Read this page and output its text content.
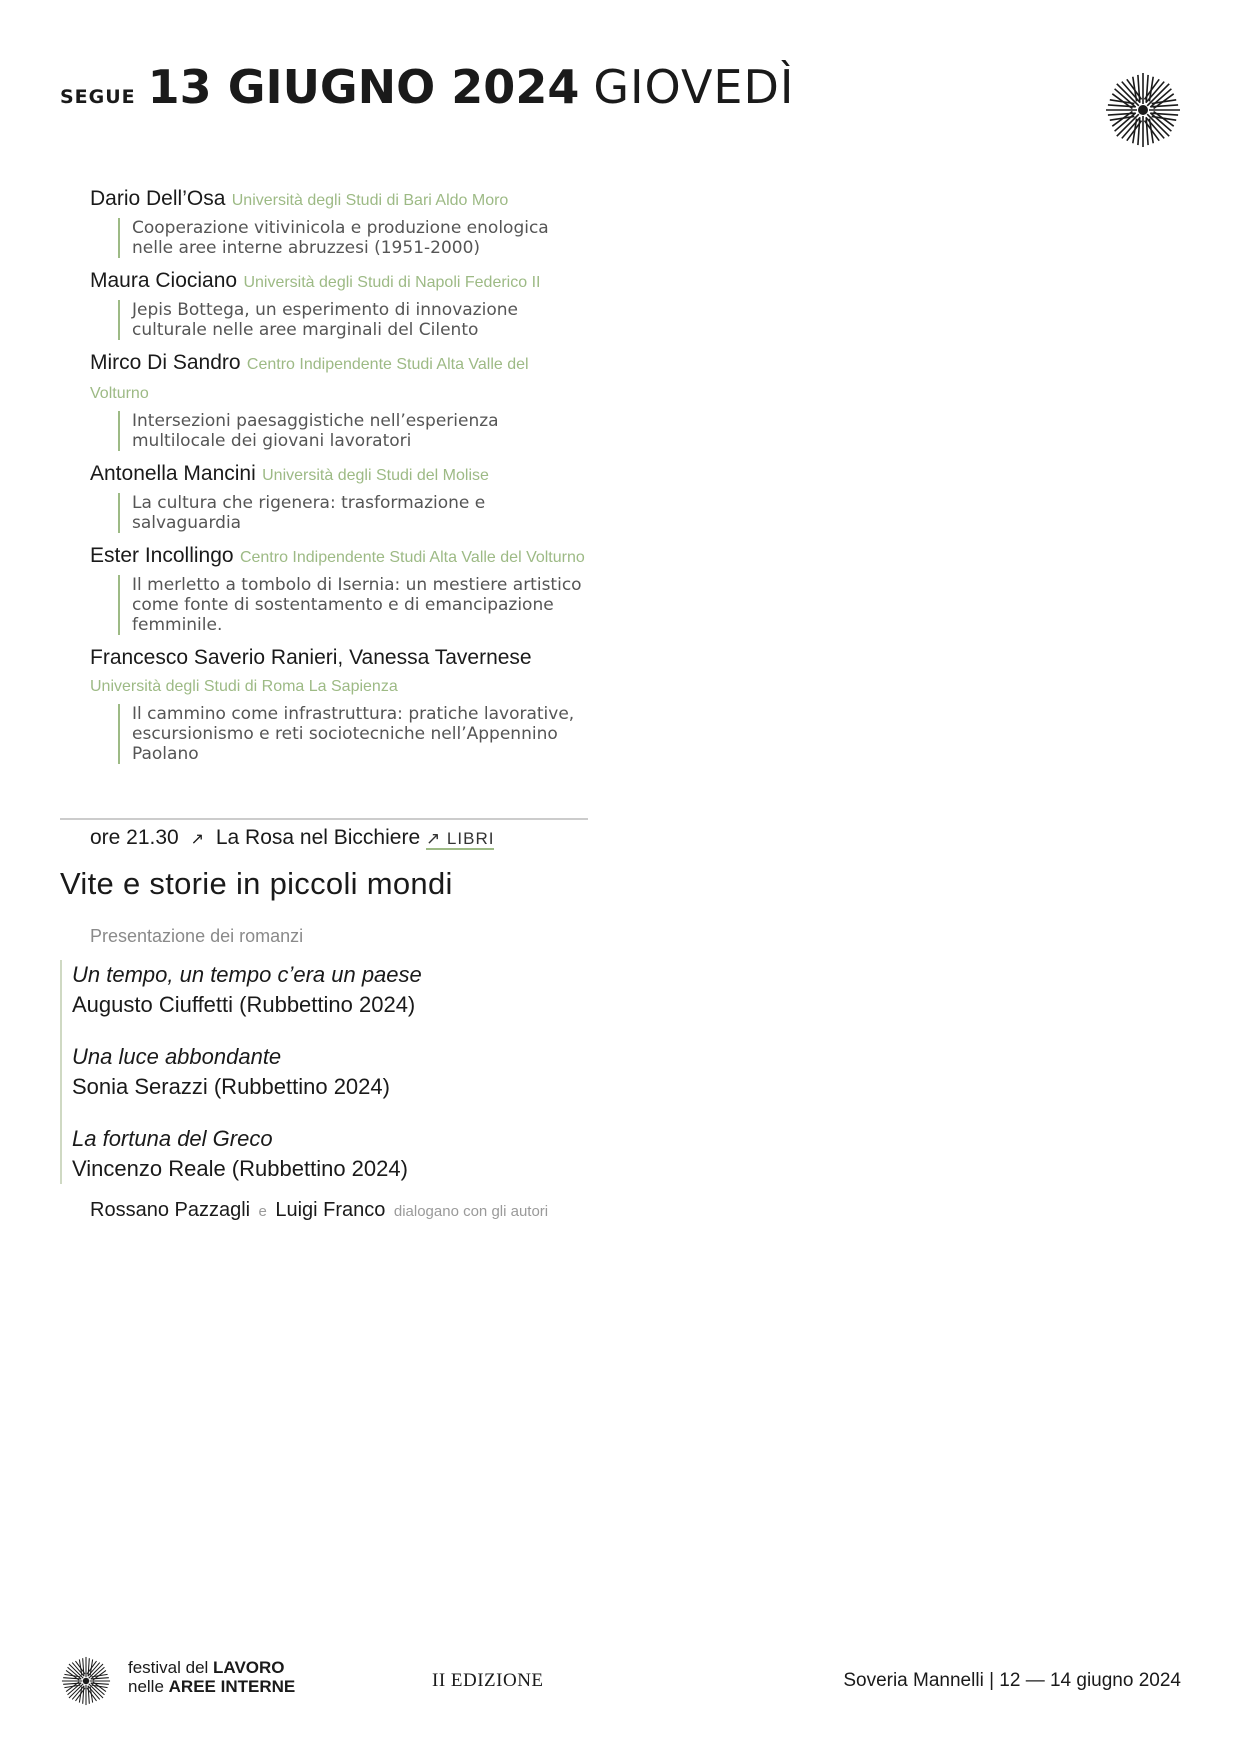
SEGUE 13 GIUGNO 2024 GIOVEDÌ
Dario Dell’Osa Università degli Studi di Bari Aldo Moro
Cooperazione vitivinicola e produzione enologica nelle aree interne abruzzesi (1951-2000)
Maura Ciociano Università degli Studi di Napoli Federico II
Jepis Bottega, un esperimento di innovazione culturale nelle aree marginali del Cilento
Mirco Di Sandro Centro Indipendente Studi Alta Valle del Volturno
Intersezioni paesaggistiche nell’esperienza multilocale dei giovani lavoratori
Antonella Mancini Università degli Studi del Molise
La cultura che rigenera: trasformazione e salvaguardia
Ester Incollingo Centro Indipendente Studi Alta Valle del Volturno
Il merletto a tombolo di Isernia: un mestiere artistico come fonte di sostentamento e di emancipazione femminile.
Francesco Saverio Ranieri, Vanessa Tavernese
Università degli Studi di Roma La Sapienza
Il cammino come infrastruttura: pratiche lavorative, escursionismo e reti sociotecniche nell’Appennino Paolano
ore 21.30 ↗ La Rosa nel Bicchiere ↗ LIBRI
Vite e storie in piccoli mondi
Presentazione dei romanzi
Un tempo, un tempo c’era un paese
Augusto Ciuffetti (Rubbettino 2024)
Una luce abbondante
Sonia Serazzi (Rubbettino 2024)
La fortuna del Greco
Vincenzo Reale (Rubbettino 2024)
Rossano Pazzagli e Luigi Franco dialogano con gli autori
festival del LAVORO
nelle AREE INTERNE	II EDIZIONE	Soveria Mannelli | 12 — 14 giugno 2024
